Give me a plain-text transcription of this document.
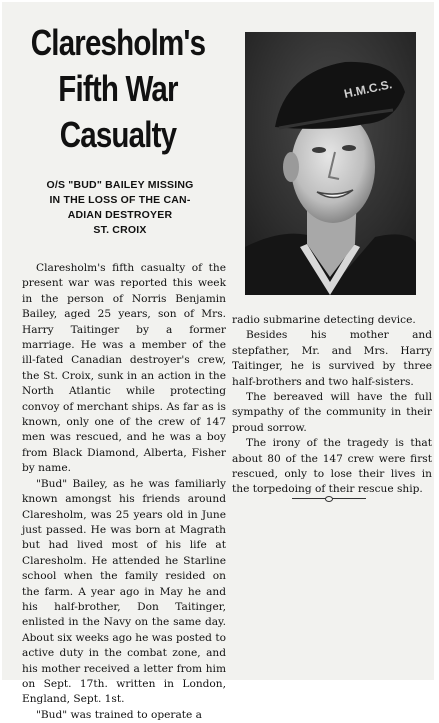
Claresholm's
Fifth War
Casualty
O/S "BUD" BAILEY MISSING
IN THE LOSS OF THE CAN-
ADIAN DESTROYER
ST. CROIX
H.M.C.S.

Claresholm's fifth casualty of the present war was reported this week in the person of Norris Benjamin Bailey, aged 25 years, son of Mrs. Harry Taitinger by a former marriage. He was a member of the ill-fated Canadian destroyer's crew, the St. Croix, sunk in an action in the North Atlantic while protecting convoy of merchant ships. As far as is known, only one of the crew of 147 men was rescued, and he was a boy from Black Diamond, Alberta, Fisher by name.

"Bud" Bailey, as he was familiarly known amongst his friends around Claresholm, was 25 years old in June just passed. He was born at Magrath but had lived most of his life at Claresholm. He attended he Starline school when the family resided on the farm. A year ago in May he and his half-brother, Don Taitinger, enlisted in the Navy on the same day. About six weeks ago he was posted to active duty in the combat zone, and his mother received a letter from him on Sept. 17th. written in London, England, Sept. 1st.

"Bud" was trained to operate a

radio submarine detecting device.

Besides his mother and stepfather, Mr. and Mrs. Harry Taitinger, he is survived by three half-brothers and two half-sisters.

The bereaved will have the full sympathy of the community in their proud sorrow.

The irony of the tragedy is that about 80 of the 147 crew were first rescued, only to lose their lives in the torpedoing of their rescue ship.
